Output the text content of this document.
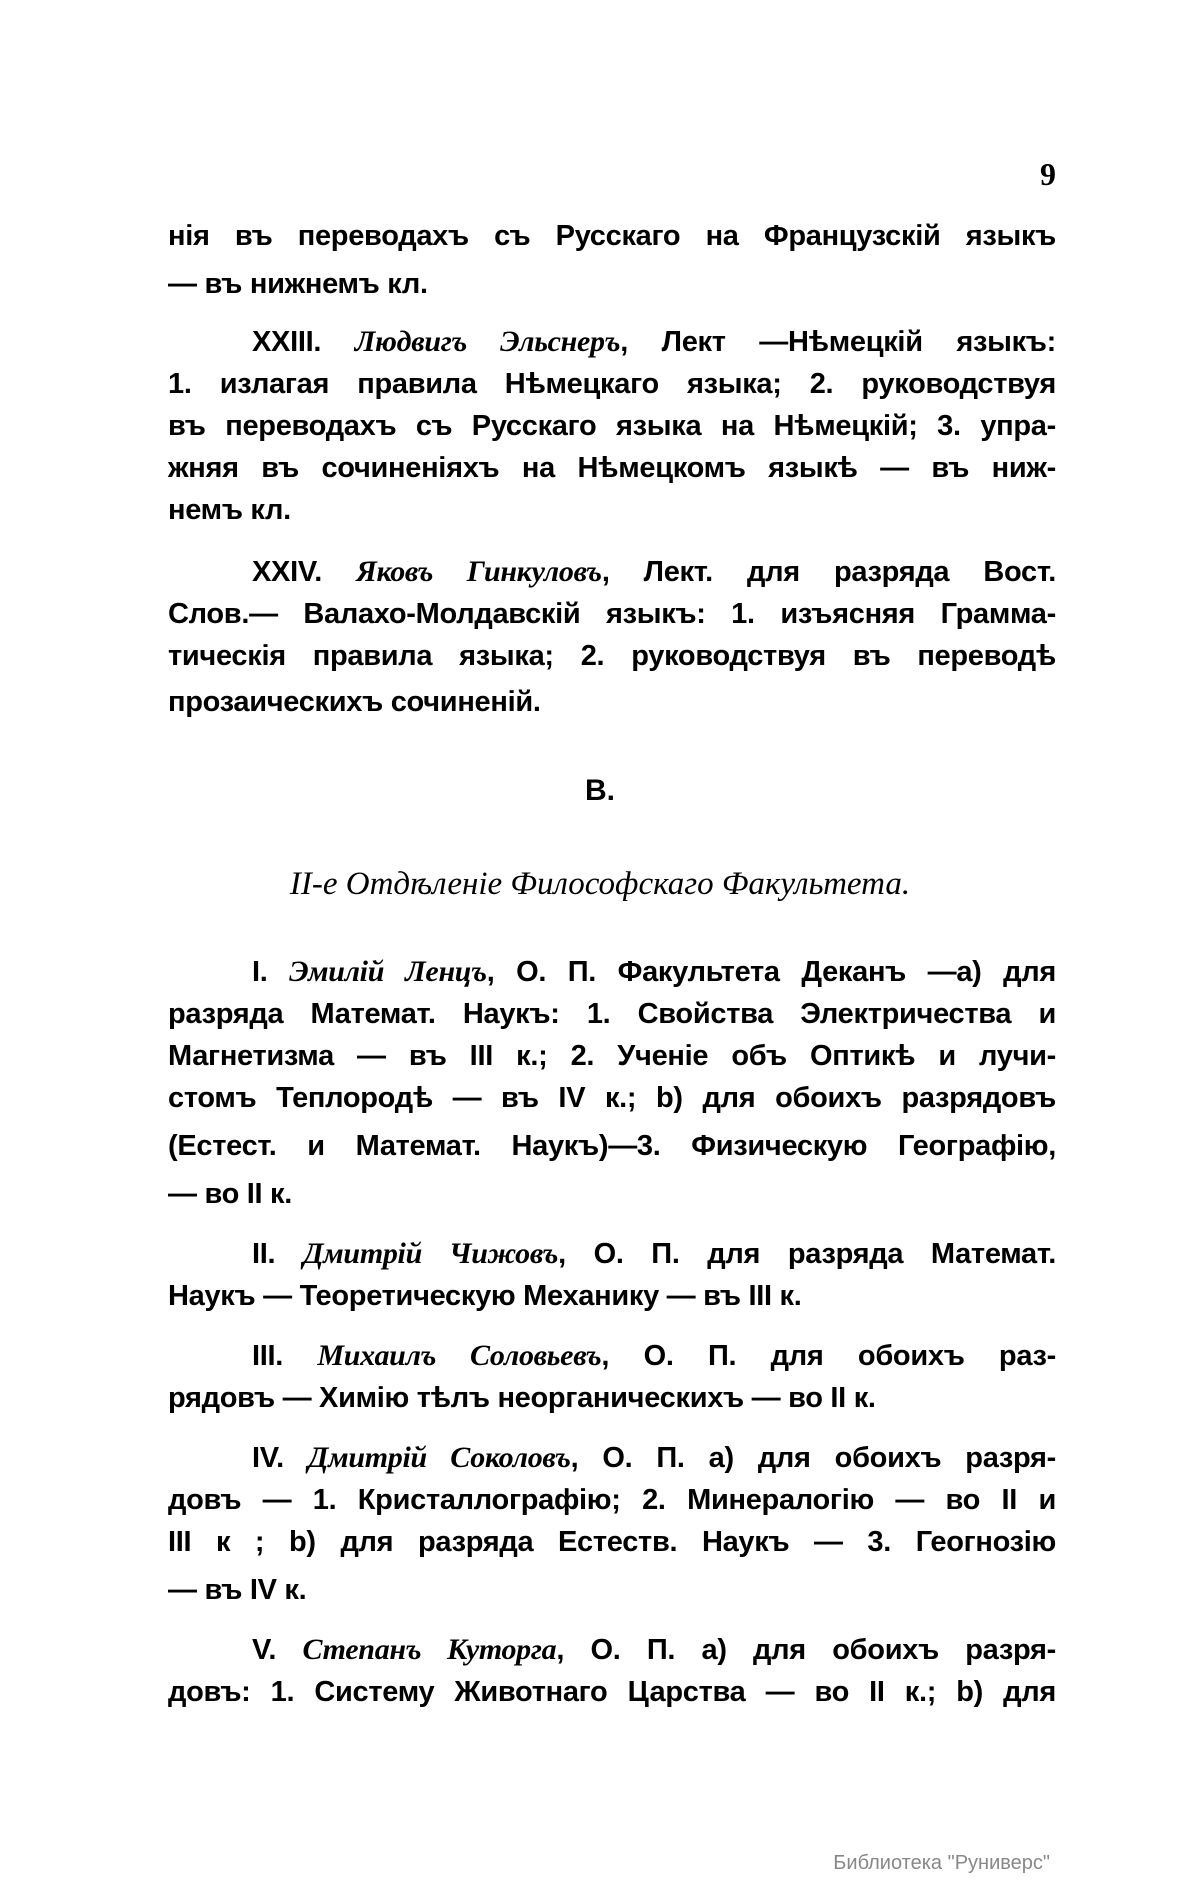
9
нія въ переводахъ съ Русскаго на Французскій языкъ
— въ нижнемъ кл.
XXIII. Людвигъ Эльснеръ, Лект —Нѣмецкій языкъ:
1. излагая правила Нѣмецкаго языка; 2. руководствуя
въ переводахъ съ Русскаго языка на Нѣмецкій; 3. упра-
жняя въ сочиненіяхъ на Нѣмецкомъ языкѣ — въ ниж-
немъ кл.
XXIV. Яковъ Гинкуловъ, Лект. для разряда Вост.
Слов.— Валахо-Молдавскій языкъ: 1. изъясняя Грамма-
тическія правила языка; 2. руководствуя въ переводѣ
прозаическихъ сочиненій.
I. Эмилій Ленцъ, О. П. Факультета Деканъ —а) для
разряда Математ. Наукъ: 1. Свойства Электричества и
Магнетизма — въ III к.; 2. Ученіе объ Оптикѣ и лучи-
стомъ Теплородѣ — въ IV к.; b) для обоихъ разрядовъ
(Естест. и Математ. Наукъ)—3. Физическую Географію,
— во II к.
II. Дмитрій Чижовъ, О. П. для разряда Математ.
Наукъ — Теоретическую Механику — въ III к.
III. Михаилъ Соловьевъ, О. П. для обоихъ раз-
рядовъ — Химію тѣлъ неорганическихъ — во II к.
IV. Дмитрій Соколовъ, О. П. а) для обоихъ разря-
довъ — 1. Кристаллографію; 2. Минералогію — во II и
III к ; b) для разряда Естеств. Наукъ — 3. Геогнозію
— въ IV к.
V. Степанъ Куторга, О. П. а) для обоихъ разря-
довъ: 1. Систему Животнаго Царства — во II к.; b) для
В.
II-е Отдѣленіе Философскаго Факультета.
Библиотека "Руниверс"
